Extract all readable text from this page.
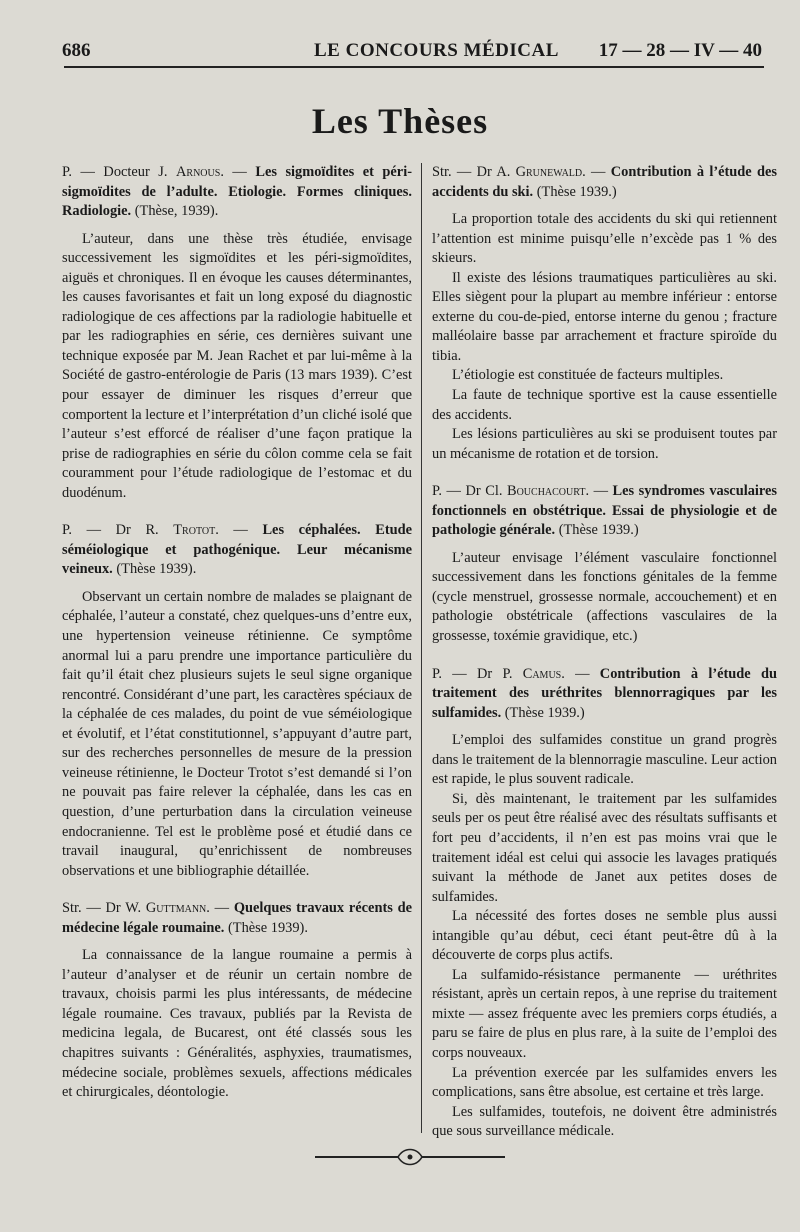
686	LE CONCOURS MÉDICAL 17 — 28 — IV — 40
Les Thèses

P. — Docteur J. Arnous. — Les sigmoïdites et péri-sigmoïdites de l’adulte. Etiologie. Formes cliniques. Radiologie. (Thèse, 1939).

L’auteur, dans une thèse très étudiée, envisage successivement les sigmoïdites et les péri-sigmoïdites, aiguës et chroniques. Il en évoque les causes déterminantes, les causes favorisantes et fait un long exposé du diagnostic radiologique de ces affections par la radiologie habituelle et par les radiographies en série, ces dernières suivant une technique exposée par M. Jean Rachet et par lui-même à la Société de gastro-entérologie de Paris (13 mars 1939). C’est pour essayer de diminuer les risques d’erreur que comportent la lecture et l’interprétation d’un cliché isolé que l’auteur s’est efforcé de réaliser d’une façon pratique la prise de radiographies en série du côlon comme cela se fait couramment pour l’étude radiologique de l’estomac et du duodénum.

P. — Dr R. Trotot. — Les céphalées. Etude séméiologique et pathogénique. Leur mécanisme veineux. (Thèse 1939).

Observant un certain nombre de malades se plaignant de céphalée, l’auteur a constaté, chez quelques-uns d’entre eux, une hypertension veineuse rétinienne. Ce symptôme anormal lui a paru prendre une importance particulière du fait qu’il était chez plusieurs sujets le seul signe organique rencontré. Considérant d’une part, les caractères spéciaux de la céphalée de ces malades, du point de vue séméiologique et évolutif, et l’état constitutionnel, s’appuyant d’autre part, sur des recherches personnelles de mesure de la pression veineuse rétinienne, le Docteur Trotot s’est demandé si l’on ne pouvait pas faire relever la céphalée, dans les cas en question, d’une perturbation dans la circulation veineuse endocranienne. Tel est le problème posé et étudié dans ce travail inaugural, qu’enrichissent de nombreuses observations et une bibliographie détaillée.

Str. — Dr W. Guttmann. — Quelques travaux récents de médecine légale roumaine. (Thèse 1939).

La connaissance de la langue roumaine a permis à l’auteur d’analyser et de réunir un certain nombre de travaux, choisis parmi les plus intéressants, de médecine légale roumaine. Ces travaux, publiés par la Revista de medicina legala, de Bucarest, ont été classés sous les chapitres suivants : Généralités, asphyxies, traumatismes, médecine sociale, problèmes sexuels, affections médicales et chirurgicales, déontologie.

Str. — Dr A. Grunewald. — Contribution à l’étude des accidents du ski. (Thèse 1939.)

La proportion totale des accidents du ski qui retiennent l’attention est minime puisqu’elle n’excède pas 1 % des skieurs.

Il existe des lésions traumatiques particulières au ski. Elles siègent pour la plupart au membre inférieur : entorse externe du cou-de-pied, entorse interne du genou ; fracture malléolaire basse par arrachement et fracture spiroïde du tibia.

L’étiologie est constituée de facteurs multiples.

La faute de technique sportive est la cause essentielle des accidents.

Les lésions particulières au ski se produisent toutes par un mécanisme de rotation et de torsion.

P. — Dr Cl. Bouchacourt. — Les syndromes vasculaires fonctionnels en obstétrique. Essai de physiologie et de pathologie générale. (Thèse 1939.)

L’auteur envisage l’élément vasculaire fonctionnel successivement dans les fonctions génitales de la femme (cycle menstruel, grossesse normale, accouchement) et en pathologie obstétricale (affections vasculaires de la grossesse, toxémie gravidique, etc.)

P. — Dr P. Camus. — Contribution à l’étude du traitement des uréthrites blennorragiques par les sulfamides. (Thèse 1939.)

L’emploi des sulfamides constitue un grand progrès dans le traitement de la blennorragie masculine. Leur action est rapide, le plus souvent radicale.

Si, dès maintenant, le traitement par les sulfamides seuls per os peut être réalisé avec des résultats suffisants et fort peu d’accidents, il n’en est pas moins vrai que le traitement idéal est celui qui associe les lavages pratiqués suivant la méthode de Janet aux petites doses de sulfamides.

La nécessité des fortes doses ne semble plus aussi intangible qu’au début, ceci étant peut-être dû à la découverte de corps plus actifs.

La sulfamido-résistance permanente — uréthrites résistant, après un certain repos, à une reprise du traitement mixte — assez fréquente avec les premiers corps étudiés, a paru se faire de plus en plus rare, à la suite de l’emploi des corps nouveaux.

La prévention exercée par les sulfamides envers les complications, sans être absolue, est certaine et très large.

Les sulfamides, toutefois, ne doivent être administrés que sous surveillance médicale.
